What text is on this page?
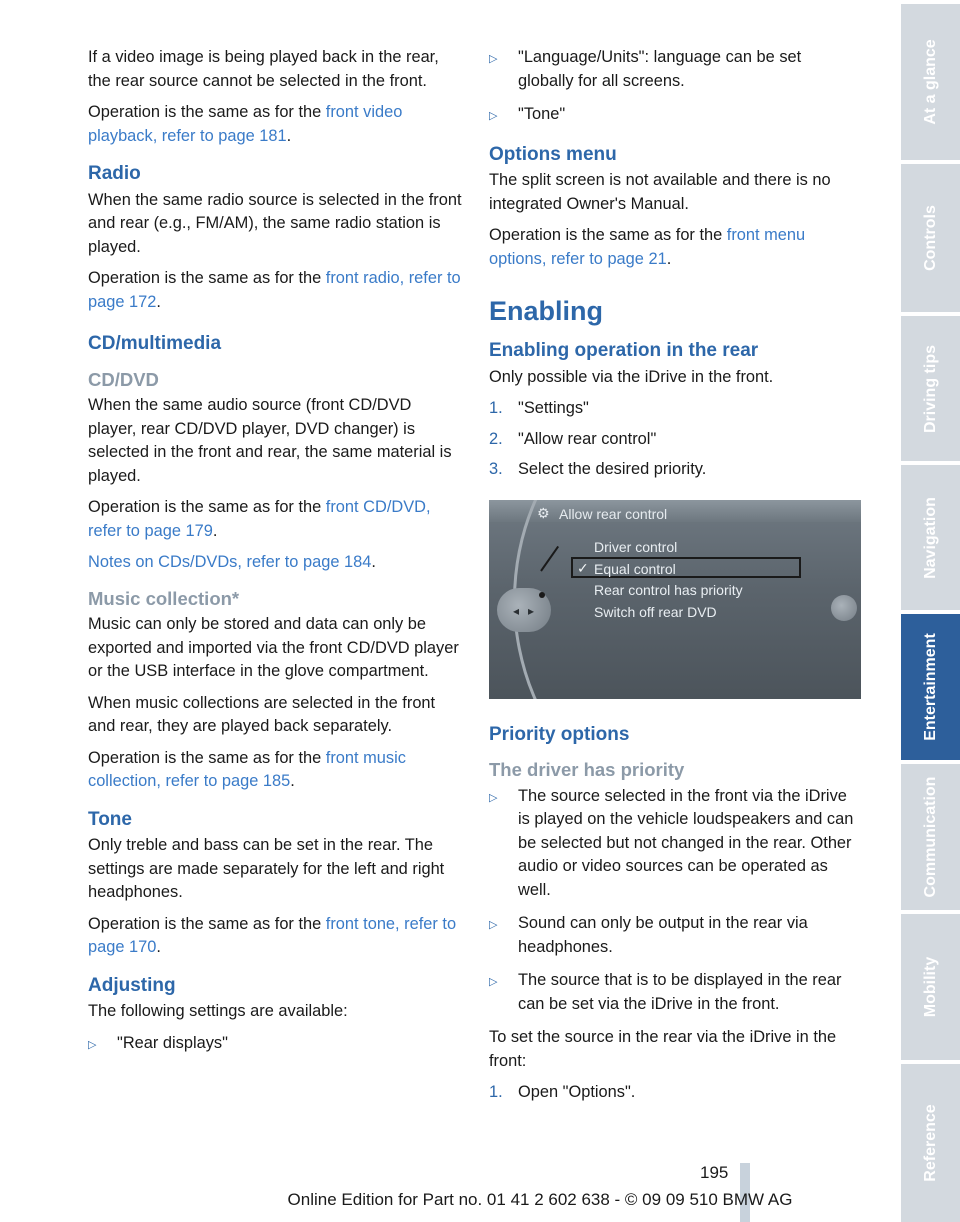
If a video image is being played back in the rear, the rear source cannot be selected in the front.
Operation is the same as for the front video playback, refer to page 181.
Radio
When the same radio source is selected in the front and rear (e.g., FM/AM), the same radio station is played.
Operation is the same as for the front radio, refer to page 172.
CD/multimedia
CD/DVD
When the same audio source (front CD/DVD player, rear CD/DVD player, DVD changer) is selected in the front and rear, the same material is played.
Operation is the same as for the front CD/DVD, refer to page 179.
Notes on CDs/DVDs, refer to page 184.
Music collection*
Music can only be stored and data can only be exported and imported via the front CD/DVD player or the USB interface in the glove compartment.
When music collections are selected in the front and rear, they are played back separately.
Operation is the same as for the front music collection, refer to page 185.
Tone
Only treble and bass can be set in the rear. The settings are made separately for the left and right headphones.
Operation is the same as for the front tone, refer to page 170.
Adjusting
The following settings are available:
▷	"Rear displays"
▷	"Language/Units": language can be set globally for all screens.
▷	"Tone"
Options menu
The split screen is not available and there is no integrated Owner's Manual.
Operation is the same as for the front menu options, refer to page 21.
Enabling
Enabling operation in the rear
Only possible via the iDrive in the front.
1. "Settings"
2. "Allow rear control"
3. Select the desired priority.
⚙ Allow rear control
Driver control
✓ Equal control
Rear control has priority
Switch off rear DVD
◂ ▸
Priority options
The driver has priority
▷	The source selected in the front via the iDrive is played on the vehicle loudspeakers and can be selected but not changed in the rear. Other audio or video sources can be operated as well.
▷	Sound can only be output in the rear via headphones.
▷	The source that is to be displayed in the rear can be set via the iDrive in the front.
To set the source in the rear via the iDrive in the front:
1. Open "Options".
At a glance
Controls
Driving tips
Navigation
Entertainment
Communication
Mobility
Reference
195
Online Edition for Part no. 01 41 2 602 638 - © 09 09 510 BMW AG
